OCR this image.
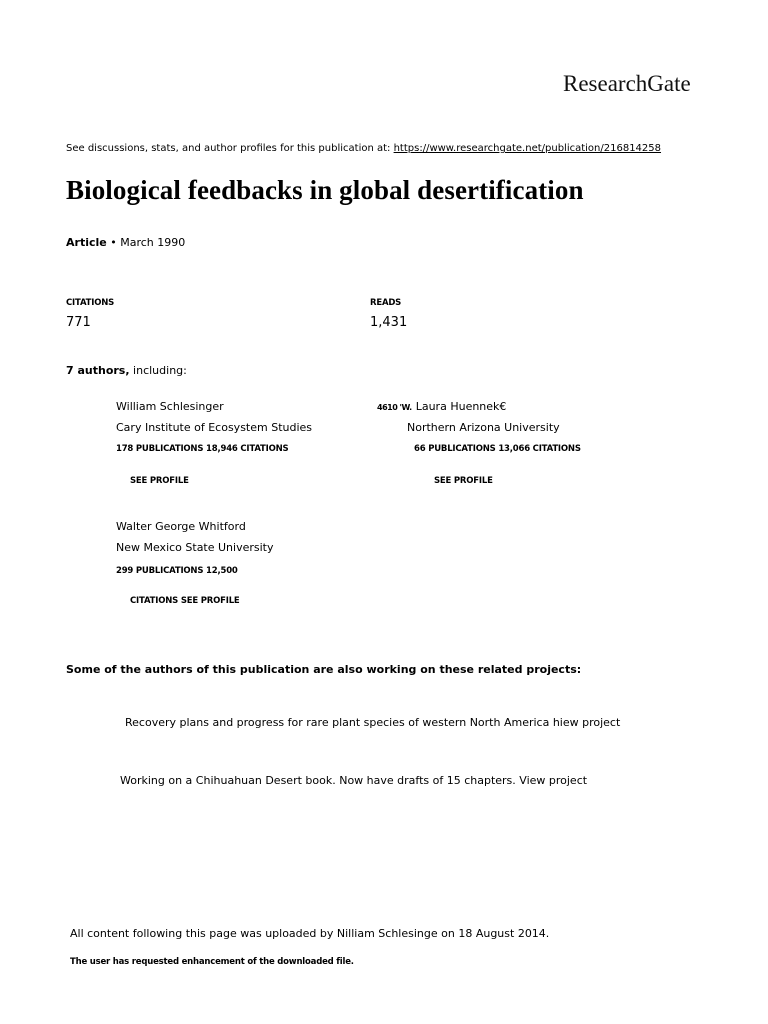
ResearchGate
See discussions, stats, and author profiles for this publication at: https://www.researchgate.net/publication/216814258
Biological feedbacks in global desertification
Article • March 1990
CITATIONS
771
READS
1,431
7 authors, including:
William Schlesinger
Cary Institute of Ecosystem Studies
178 PUBLICATIONS 18,946 CITATIONS
SEE PROFILE
4610 'W. Laura Huennek€
Northern Arizona University
66 PUBLICATIONS 13,066 CITATIONS
SEE PROFILE
Walter George Whitford
New Mexico State University
299 PUBLICATIONS 12,500
CITATIONS SEE PROFILE
Some of the authors of this publication are also working on these related projects:
Recovery plans and progress for rare plant species of western North America hiew project
Working on a Chihuahuan Desert book. Now have drafts of 15 chapters. View project
All content following this page was uploaded by Nilliam Schlesinge on 18 August 2014.
The user has requested enhancement of the downloaded file.
